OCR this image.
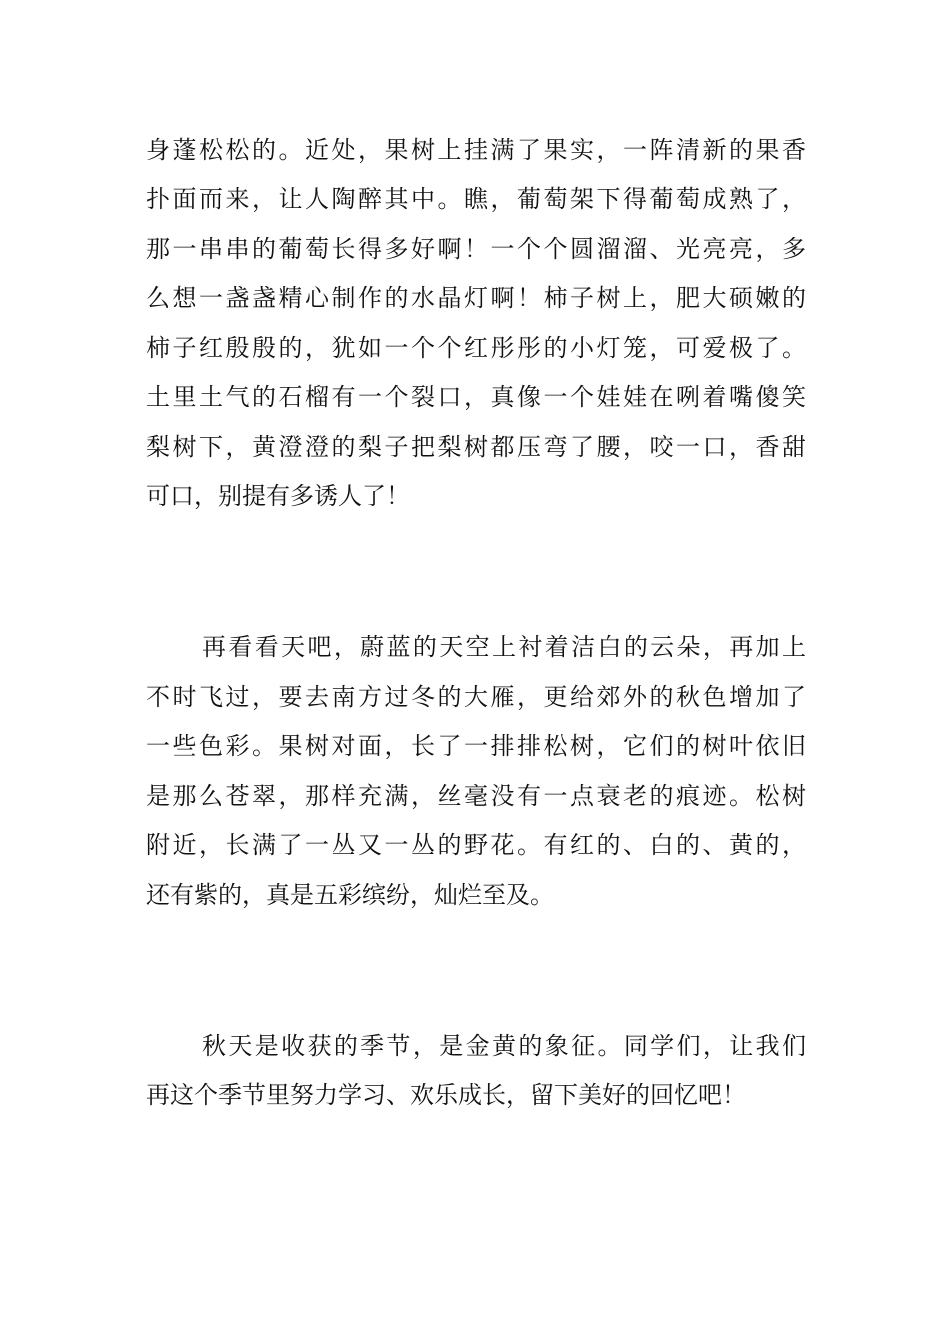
身蓬松松的。近处，果树上挂满了果实，一阵清新的果香

扑面而来，让人陶醉其中。瞧，葡萄架下得葡萄成熟了，

那一串串的葡萄长得多好啊！一个个圆溜溜、光亮亮，多

么想一盏盏精心制作的水晶灯啊！柿子树上，肥大硕嫩的

柿子红殷殷的，犹如一个个红彤彤的小灯笼，可爱极了。

土里土气的石榴有一个裂口，真像一个娃娃在咧着嘴傻笑

梨树下，黄澄澄的梨子把梨树都压弯了腰，咬一口，香甜

可口，别提有多诱人了！

再看看天吧，蔚蓝的天空上衬着洁白的云朵，再加上

不时飞过，要去南方过冬的大雁，更给郊外的秋色增加了

一些色彩。果树对面，长了一排排松树，它们的树叶依旧

是那么苍翠，那样充满，丝毫没有一点衰老的痕迹。松树

附近，长满了一丛又一丛的野花。有红的、白的、黄的，

还有紫的，真是五彩缤纷，灿烂至及。

秋天是收获的季节，是金黄的象征。同学们，让我们

再这个季节里努力学习、欢乐成长，留下美好的回忆吧！
